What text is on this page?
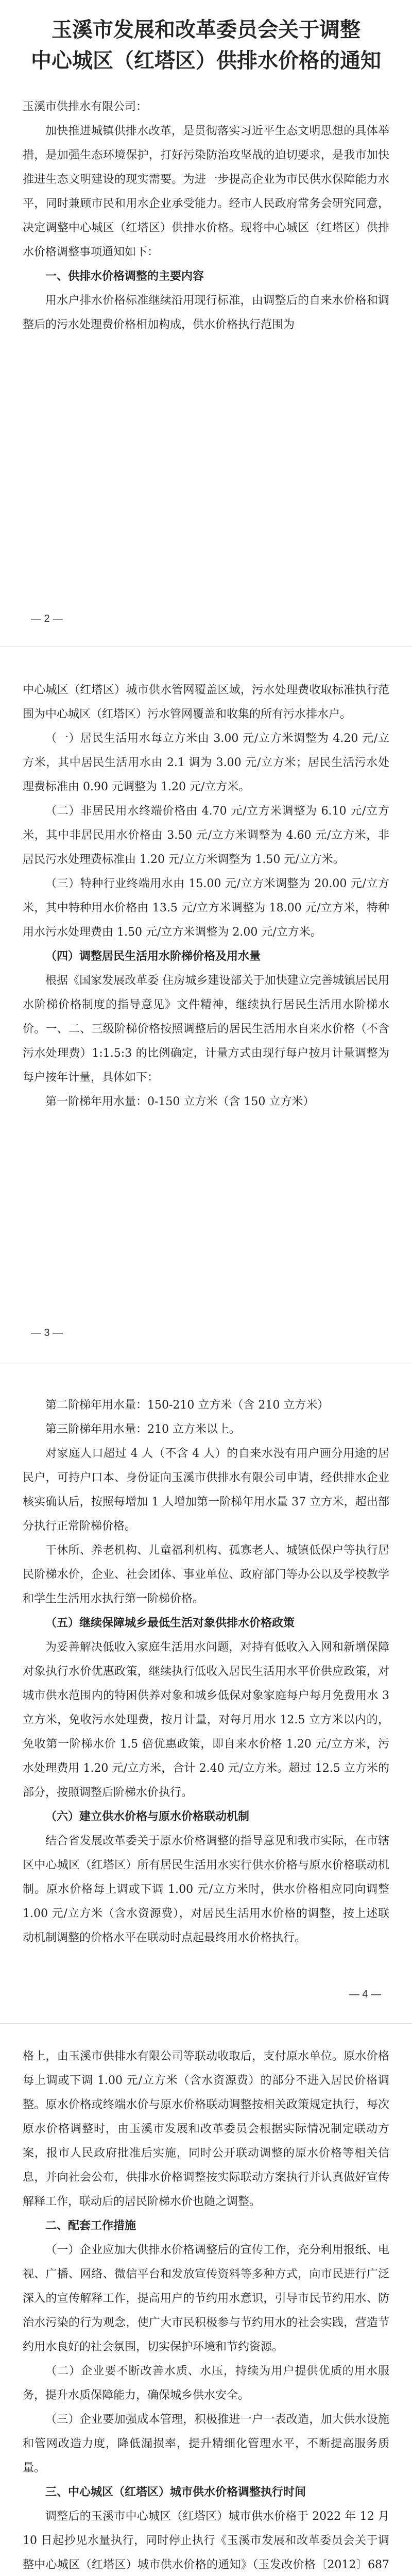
玉溪市发展和改革委员会关于调整

中心城区（红塔区）供排水价格的通知

玉溪市供排水有限公司：

加快推进城镇供排水改革，是贯彻落实习近平生态文明思想的具体举措，是加强生态环境保护，打好污染防治攻坚战的迫切要求，是我市加快推进生态文明建设的现实需要。为进一步提高企业为市民供水保障能力水平，同时兼顾市民和用水企业承受能力。经市人民政府常务会研究同意，决定调整中心城区（红塔区）供排水价格。现将中心城区（红塔区）供排水价格调整事项通知如下：

一、供排水价格调整的主要内容

用水户排水价格标准继续沿用现行标准，由调整后的自来水价格和调整后的污水处理费价格相加构成，供水价格执行范围为

— 2 —

中心城区（红塔区）城市供水管网覆盖区域，污水处理费收取标准执行范围为中心城区（红塔区）污水管网覆盖和收集的所有污水排水户。

（一）居民生活用水每立方米由 3.00 元/立方米调整为 4.20 元/立方米，其中居民生活用水由 2.1 调为 3.00 元/立方米；居民生活污水处理费标准由 0.90 元调整为 1.20 元/立方米。

（二）非居民用水终端价格由 4.70 元/立方米调整为 6.10 元/立方米，其中非居民用水价格由 3.50 元/立方米调整为 4.60 元/立方米，非居民污水处理费标准由 1.20 元/立方米调整为 1.50 元/立方米。

（三）特种行业终端用水由 15.00 元/立方米调整为 20.00 元/立方米，其中特种用水价格由 13.5 元/立方米调整为 18.00 元/立方米，特种用水污水处理费由 1.50 元/立方米调整为 2.00 元/立方米。

（四）调整居民生活用水阶梯价格及用水量

根据《国家发展改革委 住房城乡建设部关于加快建立完善城镇居民用水阶梯价格制度的指导意见》文件精神，继续执行居民生活用水阶梯水价。一、二、三级阶梯价格按照调整后的居民生活用水自来水价格（不含污水处理费）1:1.5:3 的比例确定，计量方式由现行每户按月计量调整为每户按年计量，具体如下：

第一阶梯年用水量：0-150 立方米（含 150 立方米）

— 3 —

第二阶梯年用水量：150-210 立方米（含 210 立方米）

第三阶梯年用水量：210 立方米以上。

对家庭人口超过 4 人（不含 4 人）的自来水没有用户画分用途的居民户，可持户口本、身份证向玉溪市供排水有限公司申请，经供排水企业核实确认后，按照每增加 1 人增加第一阶梯年用水量 37 立方米，超出部分执行正常阶梯价格。

干休所、养老机构、儿童福利机构、孤寡老人、城镇低保户等执行居民阶梯水价，企业、社会团体、事业单位、政府部门等办公以及学校教学和学生生活用水执行第一阶梯价格。

（五）继续保障城乡最低生活对象供排水价格政策

为妥善解决低收入家庭生活用水问题，对持有低收入入网和新增保障对象执行水价优惠政策，继续执行低收入居民生活用水平价供应政策，对城市供水范围内的特困供养对象和城乡低保对象家庭每户每月免费用水 3 立方米，免收污水处理费，按月计量，对每月用水 12.5 立方米以内的，免收第一阶梯水价 1.5 倍优惠政策，即自来水价格 1.20 元/立方米，污水处理费用 1.20 元/立方米，合计 2.40 元/立方米。超过 12.5 立方米的部分，按照调整后阶梯水价执行。

（六）建立供水价格与原水价格联动机制

结合省发展改革委关于原水价格调整的指导意见和我市实际，在市辖区中心城区（红塔区）所有居民生活用水实行供水价格与原水价格联动机制。原水价格每上调或下调 1.00 元/立方米时，供水价格相应同向调整 1.00 元/立方米（含水资源费），对居民生活用水价格的调整，按上述联动机制调整的价格水平在联动时点起最终用水价格执行。

— 4 —

格上，由玉溪市供排水有限公司等联动收取后，支付原水单位。原水价格每上调或下调 1.00 元/立方米（含水资源费）的部分不进入居民价格调整。原水价格或终端水价与原水价格联动调整按相关政策规定执行，每次原水价格调整时，由玉溪市发展和改革委员会根据实际情况制定联动方案，报市人民政府批准后实施，同时公开联动调整的原水价格等相关信息，并向社会公布，供排水价格调整按实际联动方案执行并认真做好宣传解释工作，联动后的居民阶梯水价也随之调整。

二、配套工作措施

（一）企业应加大供排水价格调整后的宣传工作，充分利用报纸、电视、广播、网络、微信平台和发放宣传资料等多种方式，向市民进行广泛深入的宣传解释工作，提高用户的节约用水意识，引导市民节约用水、防治水污染的行为观念，使广大市民积极参与节约用水的社会实践，营造节约用水良好的社会氛围，切实保护环境和节约资源。

（二）企业要不断改善水质、水压，持续为用户提供优质的用水服务，提升水质保障能力，确保城乡供水安全。

（三）企业要加强成本管理，积极推进一户一表改造，加大供水设施和管网改造力度，降低漏损率，提升精细化管理水平，不断提高服务质量。

三、中心城区（红塔区）城市供水价格调整执行时间

调整后的玉溪市中心城区（红塔区）城市供水价格于 2022 年 12 月 10 日起抄见水量执行，同时停止执行《玉溪市发展和改革委员会关于调整中心城区（红塔区）城市供水价格的通知》（玉发改价格〔2012〕687
